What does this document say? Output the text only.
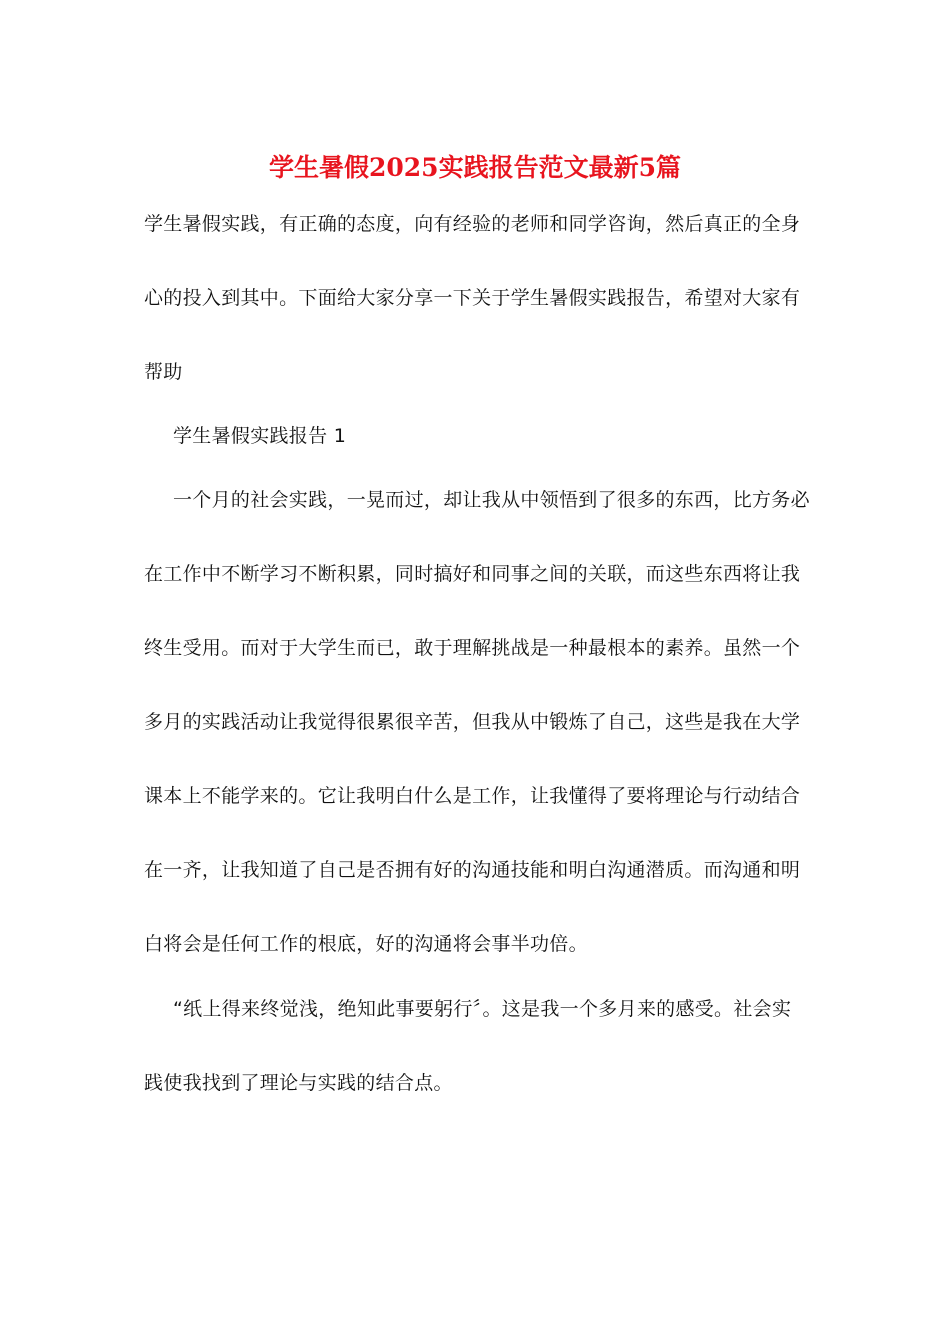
学生暑假2025实践报告范文最新5篇
学生暑假实践，有正确的态度，向有经验的老师和同学咨询，然后真正的全身
心的投入到其中。下面给大家分享一下关于学生暑假实践报告，希望对大家有
帮助
学生暑假实践报告 1
一个月的社会实践，一晃而过，却让我从中领悟到了很多的东西，比方务必
在工作中不断学习不断积累，同时搞好和同事之间的关联，而这些东西将让我
终生受用。而对于大学生而已，敢于理解挑战是一种最根本的素养。虽然一个
多月的实践活动让我觉得很累很辛苦，但我从中锻炼了自己，这些是我在大学
课本上不能学来的。它让我明白什么是工作，让我懂得了要将理论与行动结合
在一齐，让我知道了自己是否拥有好的沟通技能和明白沟通潜质。而沟通和明
白将会是任何工作的根底，好的沟通将会事半功倍。
“纸上得来终觉浅，绝知此事要躬行〞。这是我一个多月来的感受。社会实
践使我找到了理论与实践的结合点。
